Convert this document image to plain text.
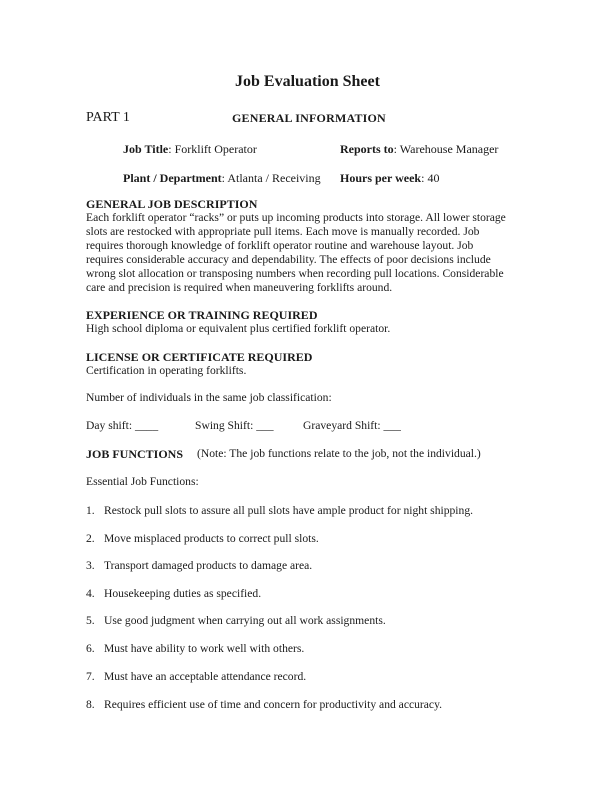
Job Evaluation Sheet
PART 1	GENERAL INFORMATION
Job Title: Forklift Operator	Reports to: Warehouse Manager
Plant / Department: Atlanta / Receiving Hours per week: 40
GENERAL JOB DESCRIPTION
Each forklift operator “racks” or puts up incoming products into storage. All lower storage
slots are restocked with appropriate pull items. Each move is manually recorded. Job
requires thorough knowledge of forklift operator routine and warehouse layout. Job
requires considerable accuracy and dependability. The effects of poor decisions include
wrong slot allocation or transposing numbers when recording pull locations. Considerable
care and precision is required when maneuvering forklifts around.
EXPERIENCE OR TRAINING REQUIRED
High school diploma or equivalent plus certified forklift operator.
LICENSE OR CERTIFICATE REQUIRED
Certification in operating forklifts.
Number of individuals in the same job classification:
Day shift: ____	Swing Shift: ___	Graveyard Shift: ___
JOB FUNCTIONS (Note: The job functions relate to the job, not the individual.)
Essential Job Functions:
1. Restock pull slots to assure all pull slots have ample product for night shipping.
2. Move misplaced products to correct pull slots.
3. Transport damaged products to damage area.
4. Housekeeping duties as specified.
5. Use good judgment when carrying out all work assignments.
6. Must have ability to work well with others.
7. Must have an acceptable attendance record.
8. Requires efficient use of time and concern for productivity and accuracy.
